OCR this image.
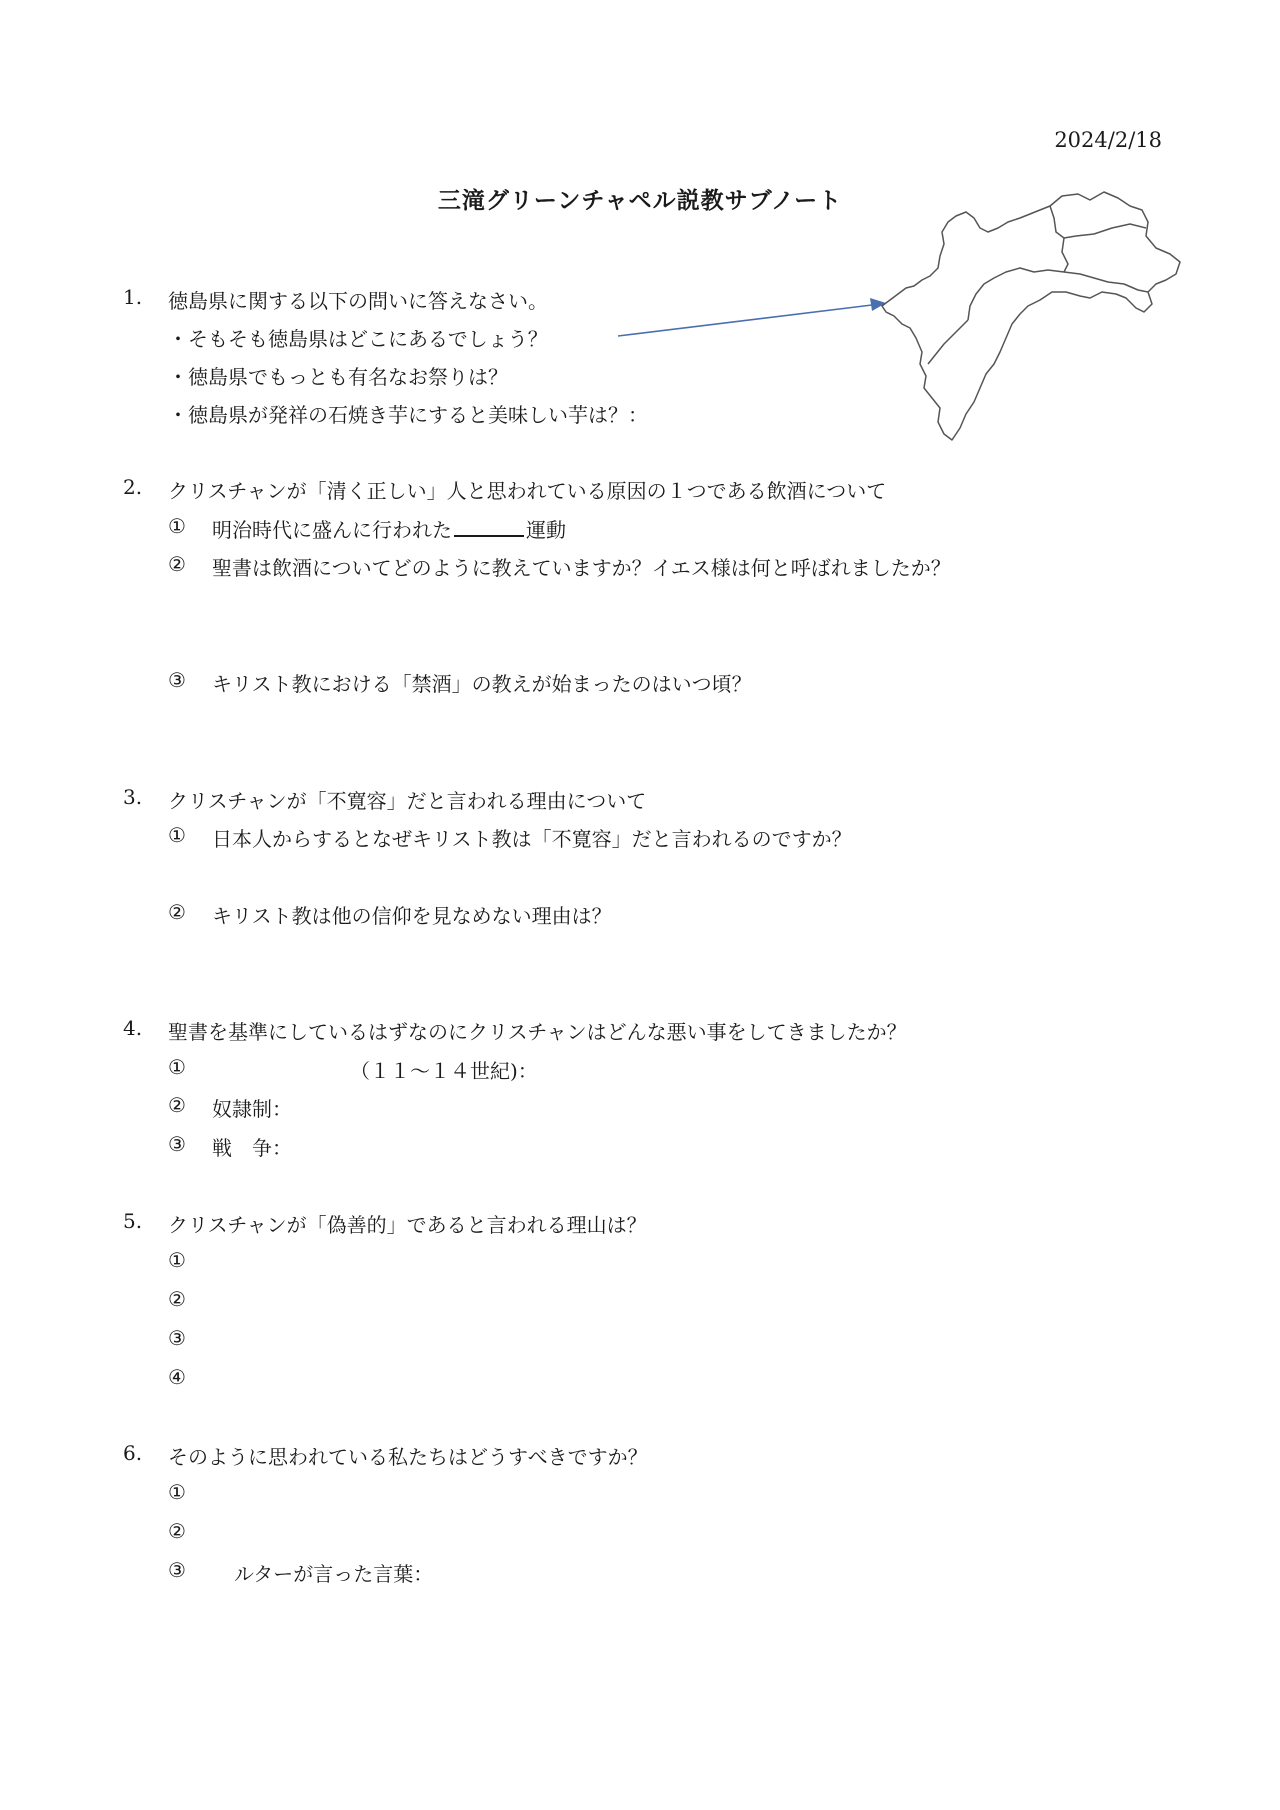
2024/2/18
三滝グリーンチャペル説教サブノート
1. 徳島県に関する以下の問いに答えなさい。
・そもそも徳島県はどこにあるでしょう？
・徳島県でもっとも有名なお祭りは？
・徳島県が発祥の石焼き芋にすると美味しい芋は？：
2. クリスチャンが「清く正しい」人と思われている原因の１つである飲酒について
① 明治時代に盛んに行われた	運動
② 聖書は飲酒についてどのように教えていますか？イエス様は何と呼ばれましたか？
③ キリスト教における「禁酒」の教えが始まったのはいつ頃？
3. クリスチャンが「不寛容」だと言われる理由について
① 日本人からするとなぜキリスト教は「不寛容」だと言われるのですか？
② キリスト教は他の信仰を見なめない理由は？
4. 聖書を基準にしているはずなのにクリスチャンはどんな悪い事をしてきましたか？
①	（１１～１４世紀)：
② 奴隷制：
③ 戦　争：
5. クリスチャンが「偽善的」であると言われる理山は？
①
②
③
④
6. そのように思われている私たちはどうすべきですか？
①
②
③ ルターが言った言葉：
